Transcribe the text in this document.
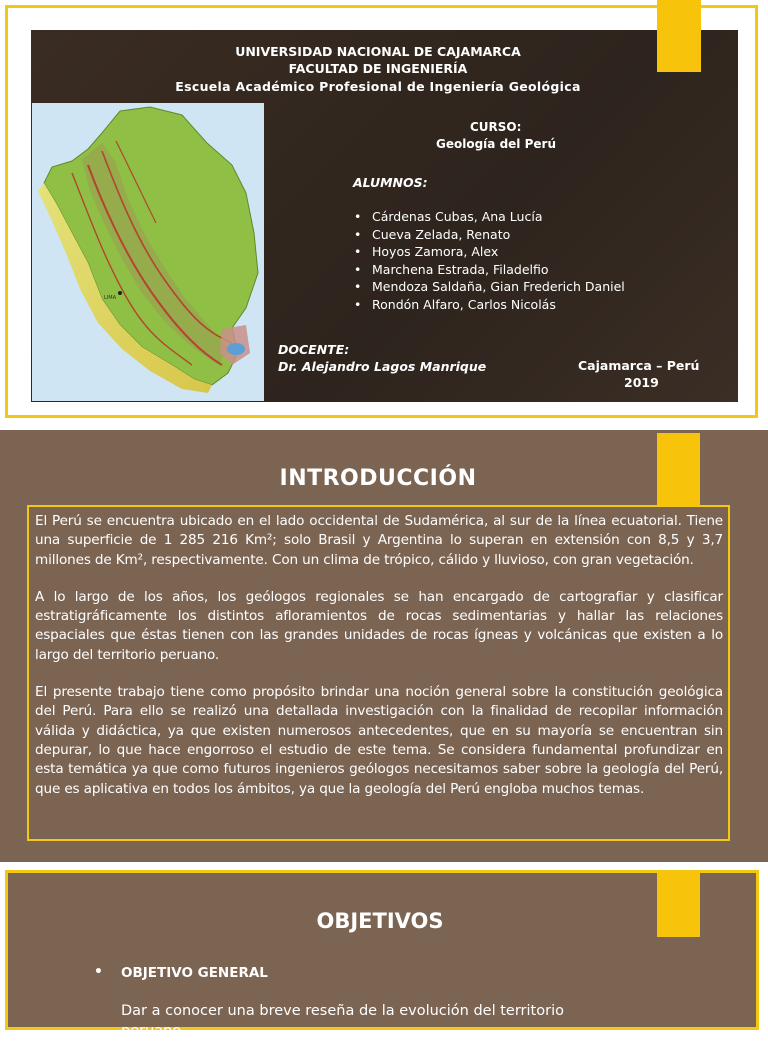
UNIVERSIDAD NACIONAL DE CAJAMARCA
FACULTAD DE INGENIERÍA
Escuela Académico Profesional de Ingeniería Geológica
LIMA
CURSO:
Geología del Perú
ALUMNOS:
• Cárdenas Cubas, Ana Lucía
• Cueva Zelada, Renato
• Hoyos Zamora, Alex
• Marchena Estrada, Filadelfio
• Mendoza Saldaña, Gian Frederich Daniel
• Rondón Alfaro, Carlos Nicolás
DOCENTE:
Dr. Alejandro Lagos Manrique	Cajamarca – Perú
2019
INTRODUCCIÓN

El Perú se encuentra ubicado en el lado occidental de Sudamérica, al sur de la línea ecuatorial. Tiene una superficie de 1 285 216 Km²; solo Brasil y Argentina lo superan en extensión con 8,5 y 3,7 millones de Km², respectivamente. Con un clima de trópico, cálido y lluvioso, con gran vegetación.

A lo largo de los años, los geólogos regionales se han encargado de cartografiar y clasificar estratigráficamente los distintos afloramientos de rocas sedimentarias y hallar las relaciones espaciales que éstas tienen con las grandes unidades de rocas ígneas y volcánicas que existen a lo largo del territorio peruano.

El presente trabajo tiene como propósito brindar una noción general sobre la constitución geológica del Perú. Para ello se realizó una detallada investigación con la finalidad de recopilar información válida y didáctica, ya que existen numerosos antecedentes, que en su mayoría se encuentran sin depurar, lo que hace engorroso el estudio de este tema. Se considera fundamental profundizar en esta temática ya que como futuros ingenieros geólogos necesitamos saber sobre la geología del Perú, que es aplicativa en todos los ámbitos, ya que la geología del Perú engloba muchos temas.

OBJETIVOS
• OBJETIVO GENERAL
Dar a conocer una breve reseña de la evolución del territorio peruano.
